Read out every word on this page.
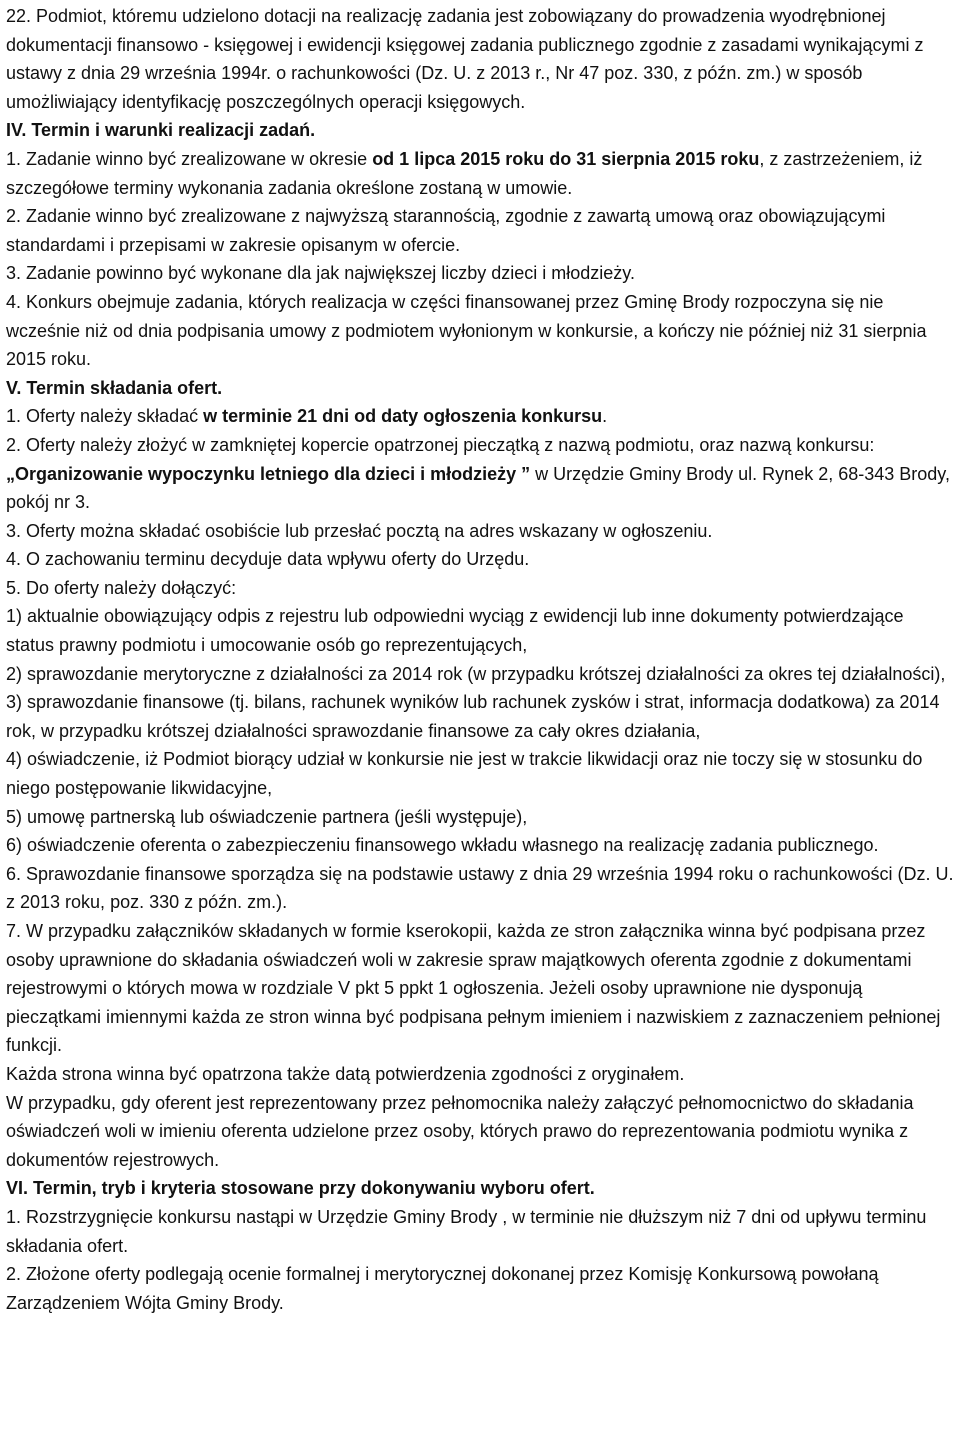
22. Podmiot, któremu udzielono dotacji na realizację zadania jest zobowiązany do prowadzenia wyodrębnionej dokumentacji finansowo - księgowej i ewidencji księgowej zadania publicznego zgodnie z zasadami wynikającymi z ustawy z dnia 29 września 1994r. o rachunkowości (Dz. U. z 2013 r., Nr 47 poz. 330, z późn. zm.) w sposób umożliwiający identyfikację poszczególnych operacji księgowych.

IV. Termin i warunki realizacji zadań.

1. Zadanie winno być zrealizowane w okresie od 1 lipca 2015 roku do 31 sierpnia 2015 roku, z zastrzeżeniem, iż szczegółowe terminy wykonania zadania określone zostaną w umowie.

2. Zadanie winno być zrealizowane z najwyższą starannością, zgodnie z zawartą umową oraz obowiązującymi standardami i przepisami w zakresie opisanym w ofercie.

3. Zadanie powinno być wykonane dla jak największej liczby dzieci i młodzieży.

4. Konkurs obejmuje zadania, których realizacja w części finansowanej przez Gminę Brody rozpoczyna się nie wcześnie niż od dnia podpisania umowy z podmiotem wyłonionym w konkursie, a kończy nie później niż 31 sierpnia 2015 roku.

V. Termin składania ofert.

1. Oferty należy składać w terminie 21 dni od daty ogłoszenia konkursu.

2. Oferty należy złożyć w zamkniętej kopercie opatrzonej pieczątką z nazwą podmiotu, oraz nazwą konkursu: „Organizowanie wypoczynku letniego dla dzieci i młodzieży ” w Urzędzie Gminy Brody ul. Rynek 2, 68-343 Brody, pokój nr 3.

3. Oferty można składać osobiście lub przesłać pocztą na adres wskazany w ogłoszeniu.

4. O zachowaniu terminu decyduje data wpływu oferty do Urzędu.

5. Do oferty należy dołączyć:

1) aktualnie obowiązujący odpis z rejestru lub odpowiedni wyciąg z ewidencji lub inne dokumenty potwierdzające status prawny podmiotu i umocowanie osób go reprezentujących,

2) sprawozdanie merytoryczne z działalności za 2014 rok (w przypadku krótszej działalności za okres tej działalności),

3) sprawozdanie finansowe (tj. bilans, rachunek wyników lub rachunek zysków i strat, informacja dodatkowa) za 2014 rok, w przypadku krótszej działalności sprawozdanie finansowe za cały okres działania,

4) oświadczenie, iż Podmiot biorący udział w konkursie nie jest w trakcie likwidacji oraz nie toczy się w stosunku do niego postępowanie likwidacyjne,

5) umowę partnerską lub oświadczenie partnera (jeśli występuje),

6) oświadczenie oferenta o zabezpieczeniu finansowego wkładu własnego na realizację zadania publicznego.

6. Sprawozdanie finansowe sporządza się na podstawie ustawy z dnia 29 września 1994 roku o rachunkowości (Dz. U. z 2013 roku, poz. 330 z późn. zm.).

7. W przypadku załączników składanych w formie kserokopii, każda ze stron załącznika winna być podpisana przez osoby uprawnione do składania oświadczeń woli w zakresie spraw majątkowych oferenta zgodnie z dokumentami rejestrowymi o których mowa w rozdziale V pkt 5 ppkt 1 ogłoszenia. Jeżeli osoby uprawnione nie dysponują pieczątkami imiennymi każda ze stron winna być podpisana pełnym imieniem i nazwiskiem z zaznaczeniem pełnionej funkcji.

Każda strona winna być opatrzona także datą potwierdzenia zgodności z oryginałem.

W przypadku, gdy oferent jest reprezentowany przez pełnomocnika należy załączyć pełnomocnictwo do składania oświadczeń woli w imieniu oferenta udzielone przez osoby, których prawo do reprezentowania podmiotu wynika z dokumentów rejestrowych.

VI. Termin, tryb i kryteria stosowane przy dokonywaniu wyboru ofert.

1. Rozstrzygnięcie konkursu nastąpi w Urzędzie Gminy Brody , w terminie nie dłuższym niż 7 dni od upływu terminu składania ofert.

2. Złożone oferty podlegają ocenie formalnej i merytorycznej dokonanej przez Komisję Konkursową powołaną Zarządzeniem Wójta Gminy Brody.
